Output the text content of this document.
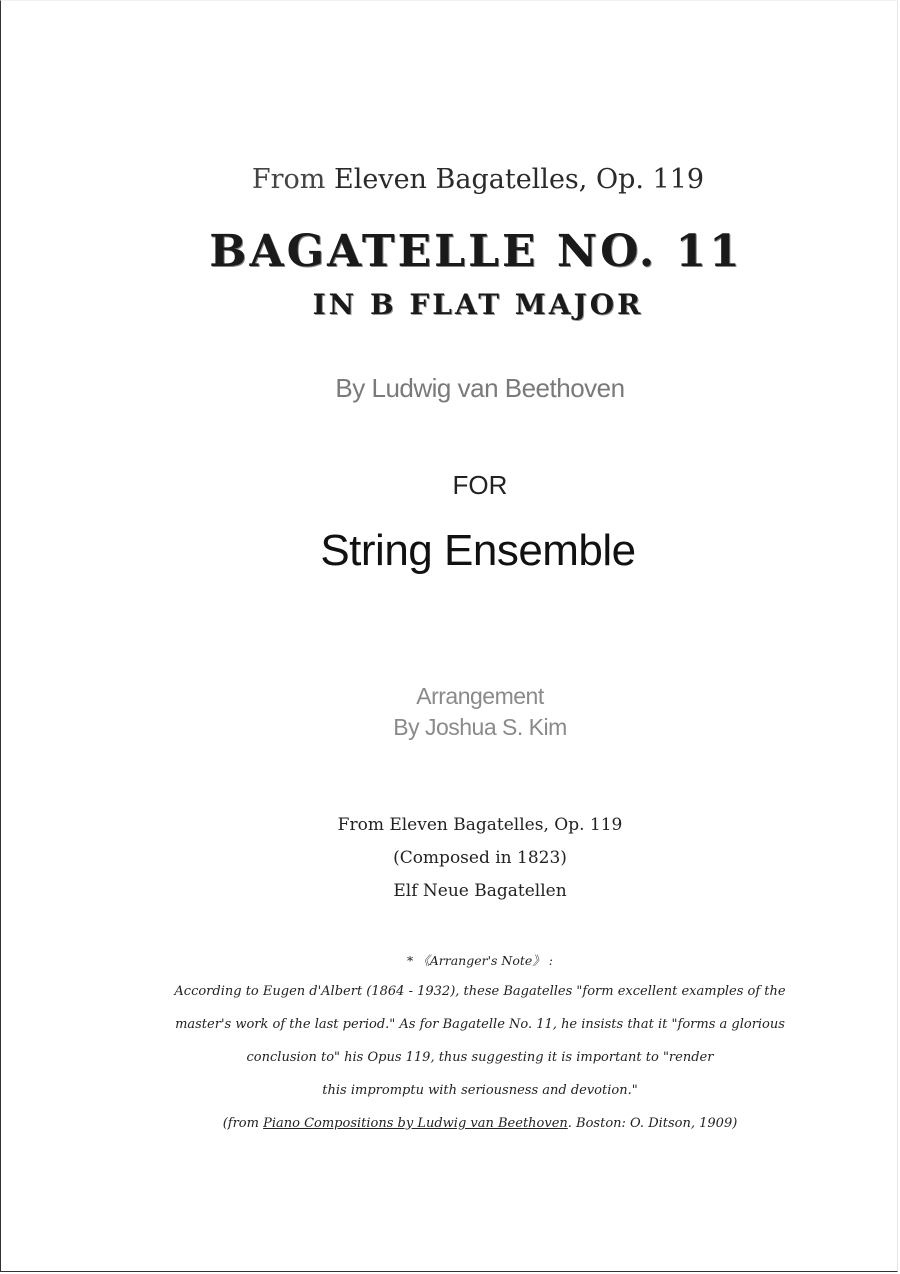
From Eleven Bagatelles, Op. 119
BAGATELLE NO. 11
IN B FLAT MAJOR
By Ludwig van Beethoven
FOR
String Ensemble
Arrangement
By Joshua S. Kim
From Eleven Bagatelles, Op. 119
(Composed in 1823)
Elf Neue Bagatellen
* 《Arranger's Note》 :
According to Eugen d'Albert (1864 - 1932), these Bagatelles "form excellent examples of the
master's work of the last period." As for Bagatelle No. 11, he insists that it "forms a glorious
conclusion to" his Opus 119, thus suggesting it is important to "render
this impromptu with seriousness and devotion."
(from Piano Compositions by Ludwig van Beethoven. Boston: O. Ditson, 1909)
